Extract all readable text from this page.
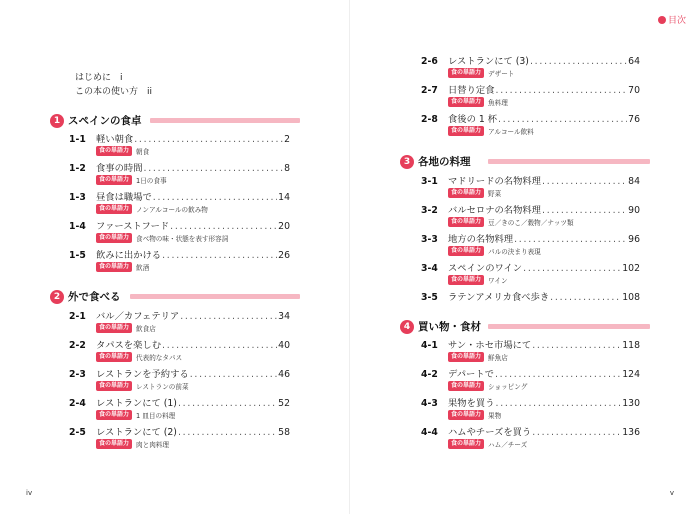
はじめに　i
この本の使い方　ii
1 スペインの食卓
1-1	軽い朝食 . . .	2
食の単語力	朝食
1-2	食事の時間 . . .	8
食の単語力	1日の食事
1-3	昼食は職場で . . .	14
食の単語力	ノンアルコールの飲み物
1-4	ファーストフード . . .	20
食の単語力	食べ物の味・状態を表す形容詞
1-5	飲みに出かける . . .	26
食の単語力	飲酒
2 外で食べる
2-1	バル／カフェテリア . . .	34
食の単語力	飲食店
2-2	タパスを楽しむ . . .	40
食の単語力	代表的なタパス
2-3	レストランを予約する . . .	46
食の単語力	レストランの前菜
2-4	レストランにて (1) . . .	52
食の単語力	1 皿目の料理
2-5	レストランにて (2) . . .	58
食の単語力	肉と肉料理
iv
目次
2-6	レストランにて (3) . . .	64
食の単語力	デザート
2-7	日替り定食 . . .	70
食の単語力	魚料理
2-8	食後の 1 杯 . . .	76
食の単語力	アルコール飲料
3 各地の料理
3-1	マドリードの名物料理 . . .	84
食の単語力	野菜
3-2	バルセロナの名物料理 . . .	90
食の単語力	豆／きのこ／穀物／ナッツ類
3-3	地方の名物料理 . . .	96
食の単語力	パルの決まり表現
3-4	スペインのワイン . . .	102
食の単語力	ワイン
3-5	ラテンアメリカ食べ歩き . . .	108
4 買い物・食材
4-1	サン・ホセ市場にて . . .	118
食の単語力	鮮魚店
4-2	デパートで . . .	124
食の単語力	ショッピング
4-3	果物を買う . . .	130
食の単語力	果物
4-4	ハムやチーズを買う . . .	136
食の単語力	ハム／チーズ
v
